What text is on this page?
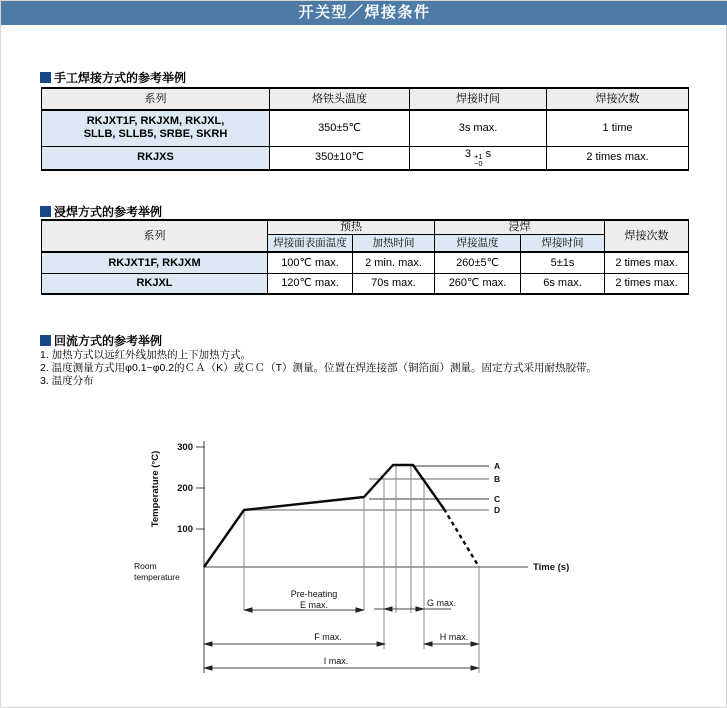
开关型／焊接条件
手工焊接方式的参考举例
系列	烙铁头温度	焊接时间	焊接次数

RKJXT1F, RKJXM, RKJXL,
SLLB, SLLB5, SRBE, SKRH	350±5℃	3s max.	1 time
RKJXS	350±10℃	3 +1
−0
s	2 times max.
浸焊方式的参考举例
系列	预热		浸焊		焊接次数
	焊接面表面温度	加热时间	焊接温度	焊接时间	
RKJXT1F, RKJXM	100℃ max.	2 min. max.	260±5℃	5±1s	2 times max.
RKJXL	120℃ max.	70s max.	260℃ max.	6s max.	2 times max.
回流方式的参考举例
1. 加热方式以远红外线加热的上下加热方式。
2. 温度测量方式用φ0.1~φ0.2的ＣＡ（K）或ＣＣ（T）测量。位置在焊连接部（铜箔面）测量。固定方式采用耐热胶带。
3. 温度分布
300
200
100
Temperature (°C)
Time (s)
Room
temperature
A
B
C
D
Pre-heating
E max.	G max.
F max.	H max.
I max.
